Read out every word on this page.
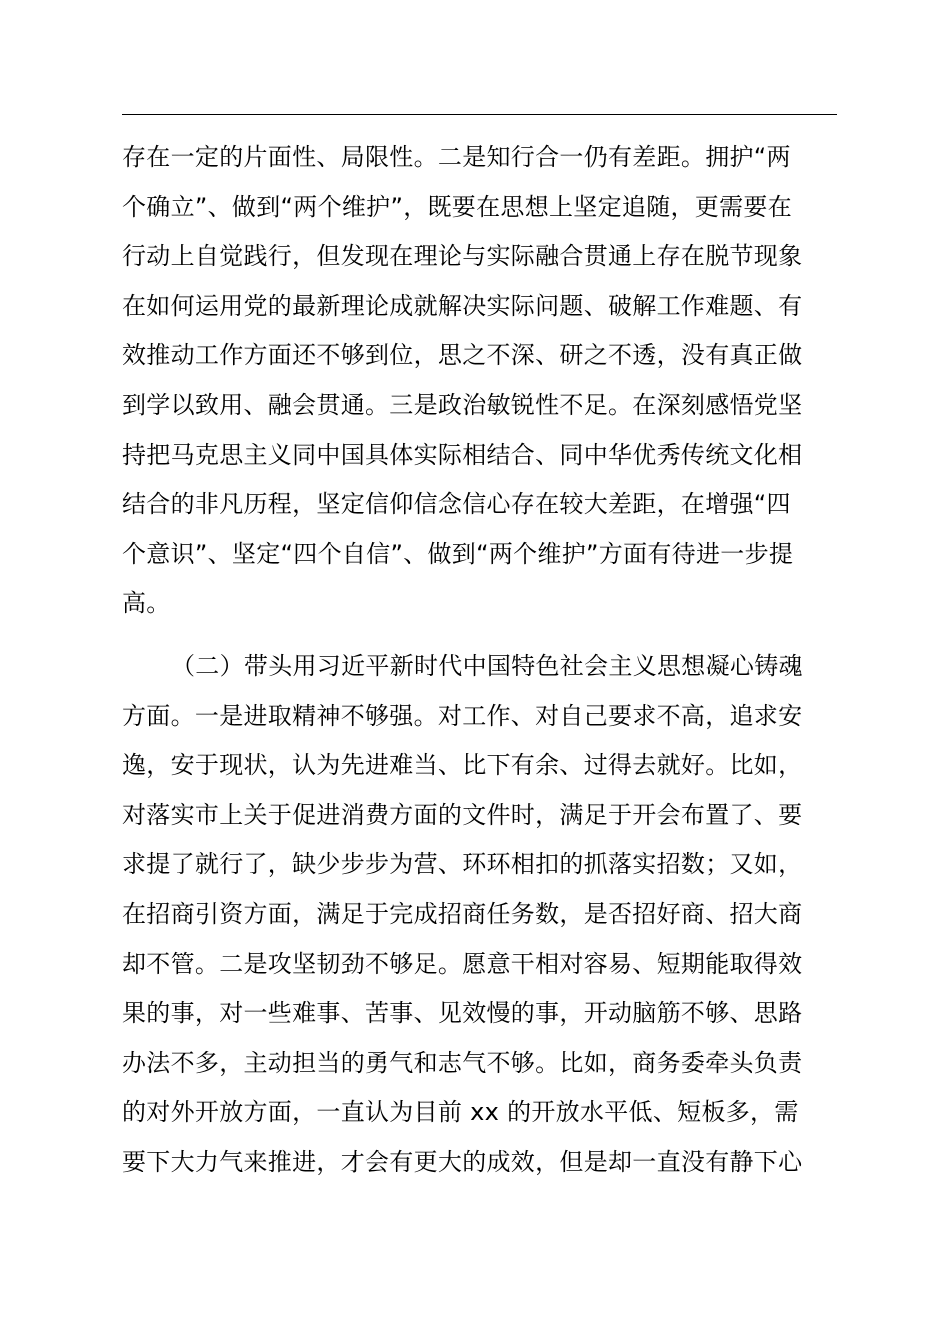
存在一定的片面性、局限性。二是知行合一仍有差距。拥护“两
个确立”、做到“两个维护”，既要在思想上坚定追随，更需要在
行动上自觉践行，但发现在理论与实际融合贯通上存在脱节现象
在如何运用党的最新理论成就解决实际问题、破解工作难题、有
效推动工作方面还不够到位，思之不深、研之不透，没有真正做
到学以致用、融会贯通。三是政治敏锐性不足。在深刻感悟党坚
持把马克思主义同中国具体实际相结合、同中华优秀传统文化相
结合的非凡历程，坚定信仰信念信心存在较大差距，在增强“四
个意识”、坚定“四个自信”、做到“两个维护”方面有待进一步提
高。
（二）带头用习近平新时代中国特色社会主义思想凝心铸魂
方面。一是进取精神不够强。对工作、对自己要求不高，追求安
逸，安于现状，认为先进难当、比下有余、过得去就好。比如，
对落实市上关于促进消费方面的文件时，满足于开会布置了、要
求提了就行了，缺少步步为营、环环相扣的抓落实招数；又如，
在招商引资方面，满足于完成招商任务数，是否招好商、招大商
却不管。二是攻坚韧劲不够足。愿意干相对容易、短期能取得效
果的事，对一些难事、苦事、见效慢的事，开动脑筋不够、思路
办法不多，主动担当的勇气和志气不够。比如，商务委牵头负责
的对外开放方面，一直认为目前 xx 的开放水平低、短板多，需
要下大力气来推进，才会有更大的成效，但是却一直没有静下心
